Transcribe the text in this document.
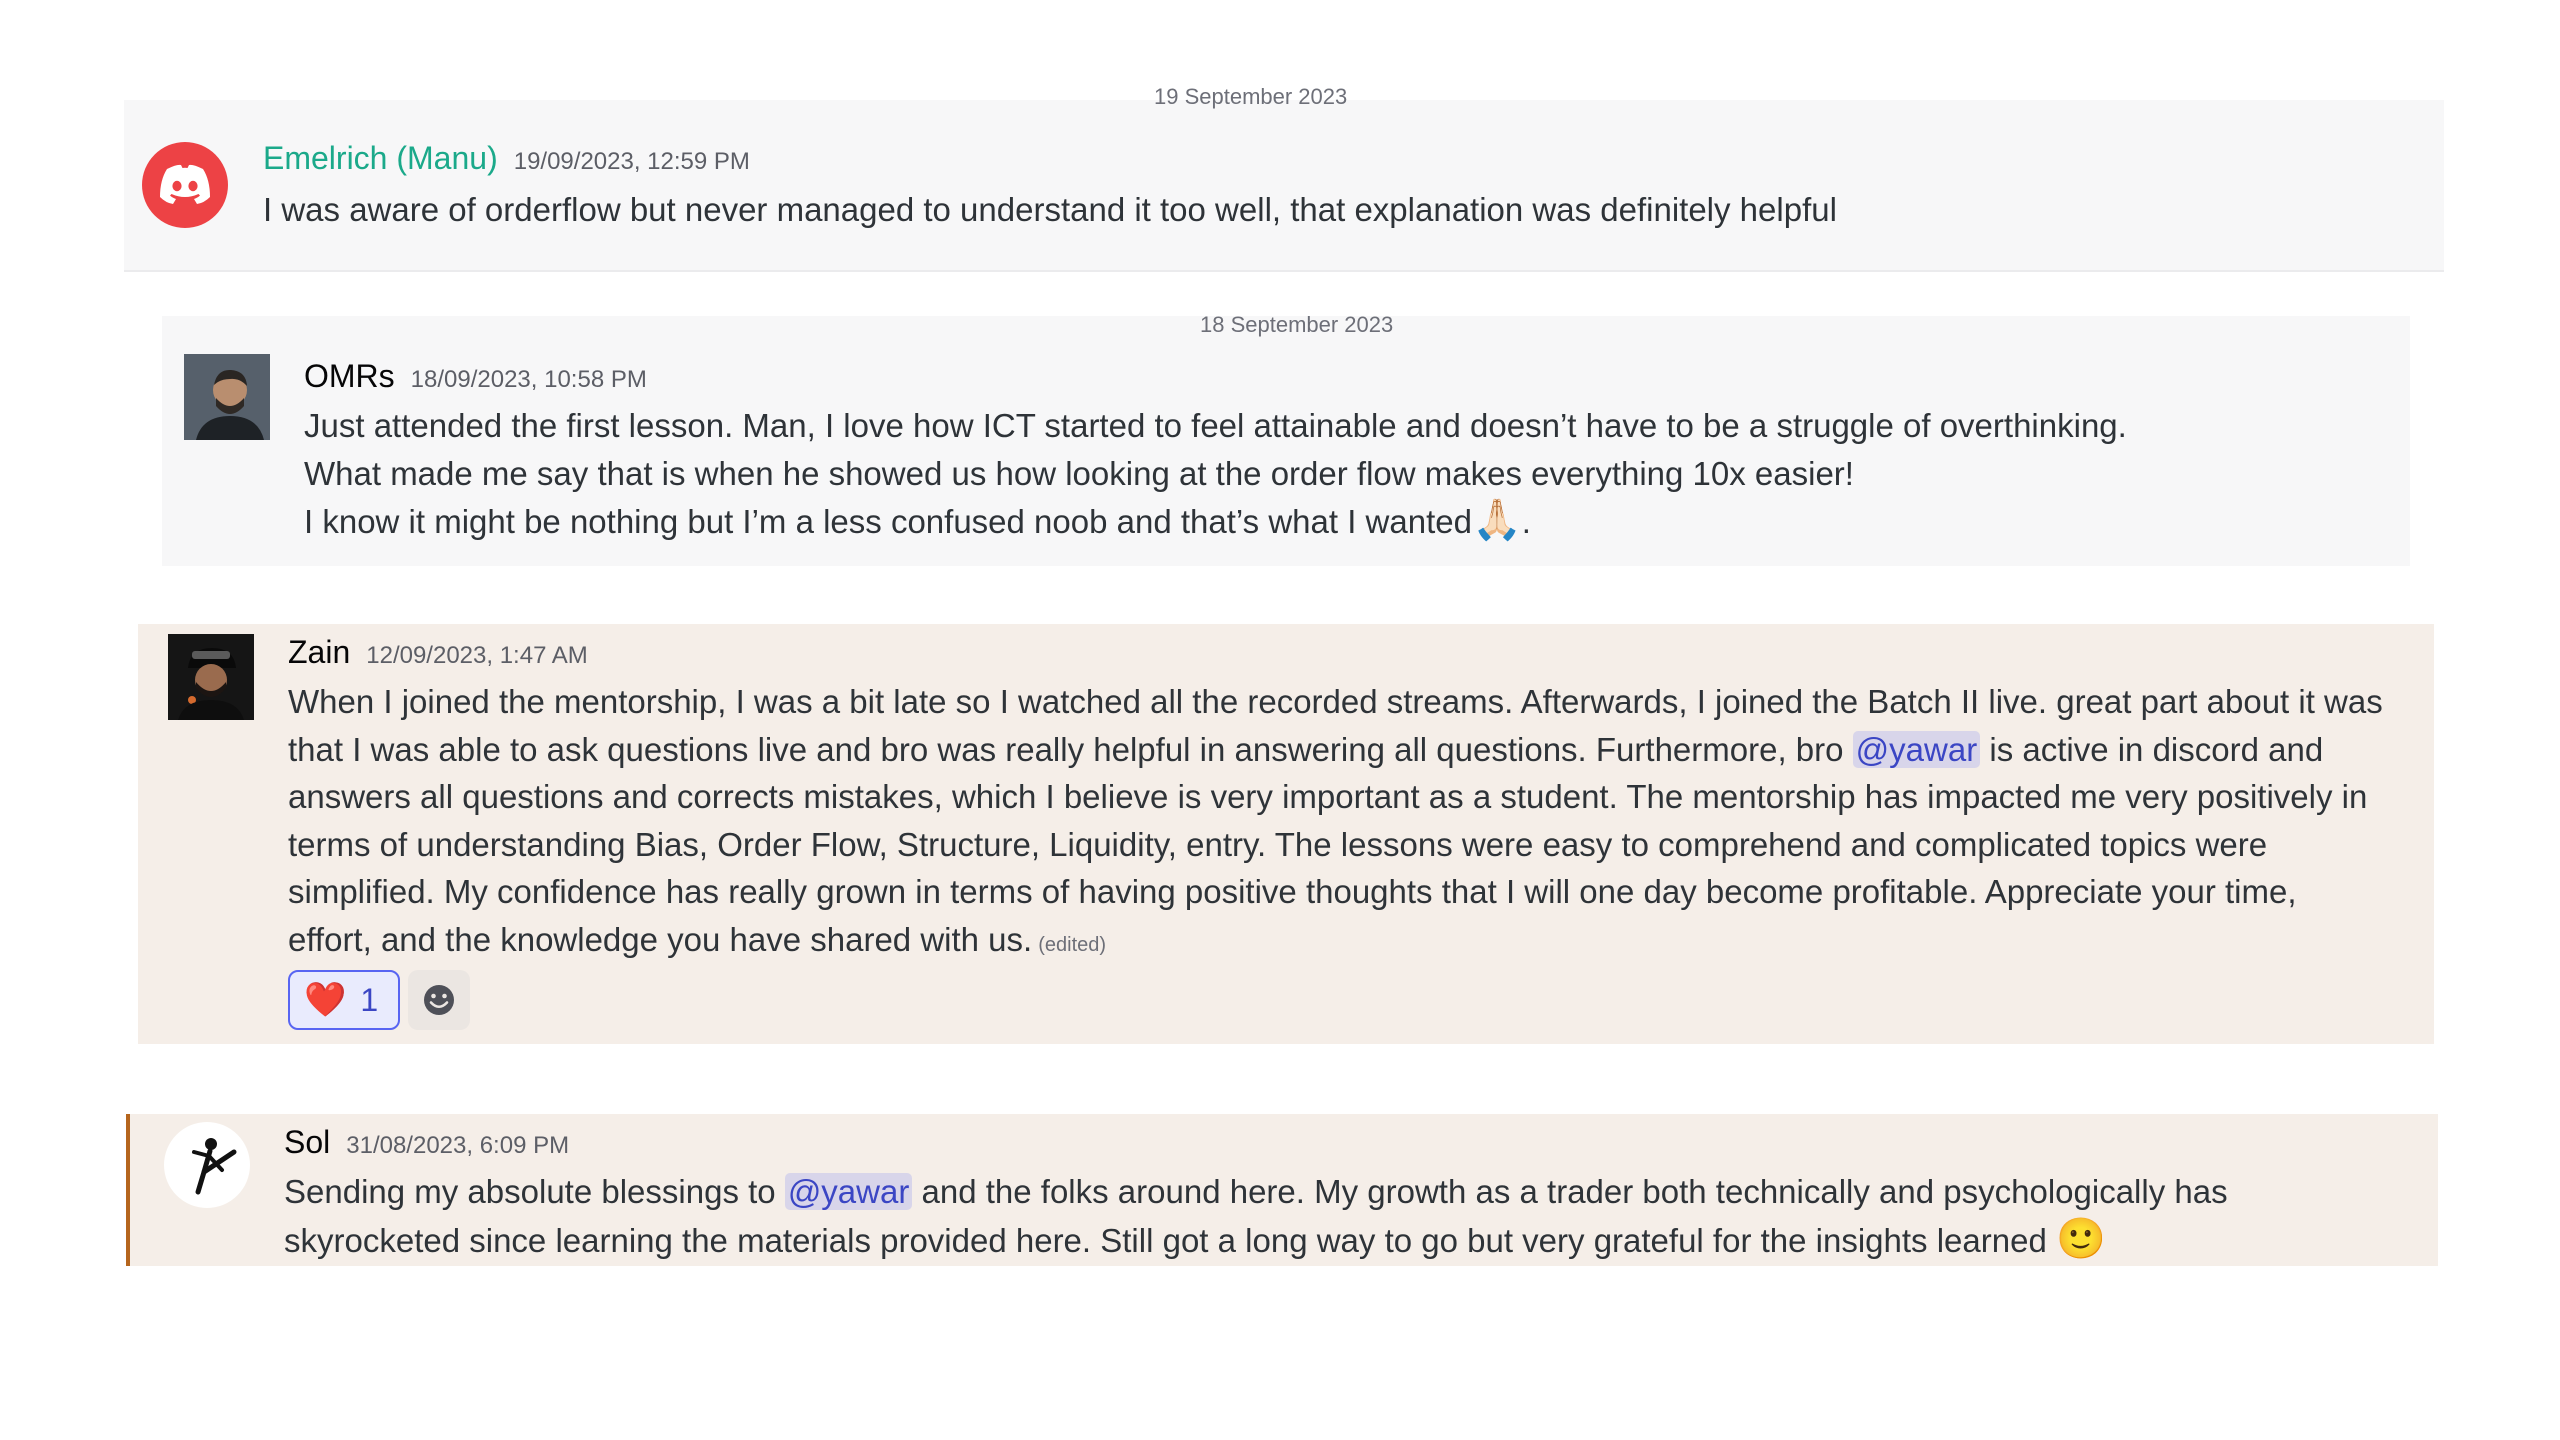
19 September 2023
Emelrich (Manu) 19/09/2023, 12:59 PM
I was aware of orderflow but never managed to understand it too well, that explanation was definitely helpful
18 September 2023
OMRs 18/09/2023, 10:58 PM
Just attended the first lesson. Man, I love how ICT started to feel attainable and doesn’t have to be a struggle of overthinking.
What made me say that is when he showed us how looking at the order flow makes everything 10x easier!
I know it might be nothing but I’m a less confused noob and that’s what I wanted🙏🏻.
Zain 12/09/2023, 1:47 AM
When I joined the mentorship, I was a bit late so I watched all the recorded streams. Afterwards, I joined the Batch II live. great part about it was
that I was able to ask questions live and bro was really helpful in answering all questions. Furthermore, bro @yawar is active in discord and
answers all questions and corrects mistakes, which I believe is very important as a student. The mentorship has impacted me very positively in
terms of understanding Bias, Order Flow, Structure, Liquidity, entry. The lessons were easy to comprehend and complicated topics were
simplified. My confidence has really grown in terms of having positive thoughts that I will one day become profitable. Appreciate your time,
effort, and the knowledge you have shared with us. (edited)
❤️ 1
Sol 31/08/2023, 6:09 PM
Sending my absolute blessings to @yawar and the folks around here. My growth as a trader both technically and psychologically has
skyrocketed since learning the materials provided here. Still got a long way to go but very grateful for the insights learned 🙂
